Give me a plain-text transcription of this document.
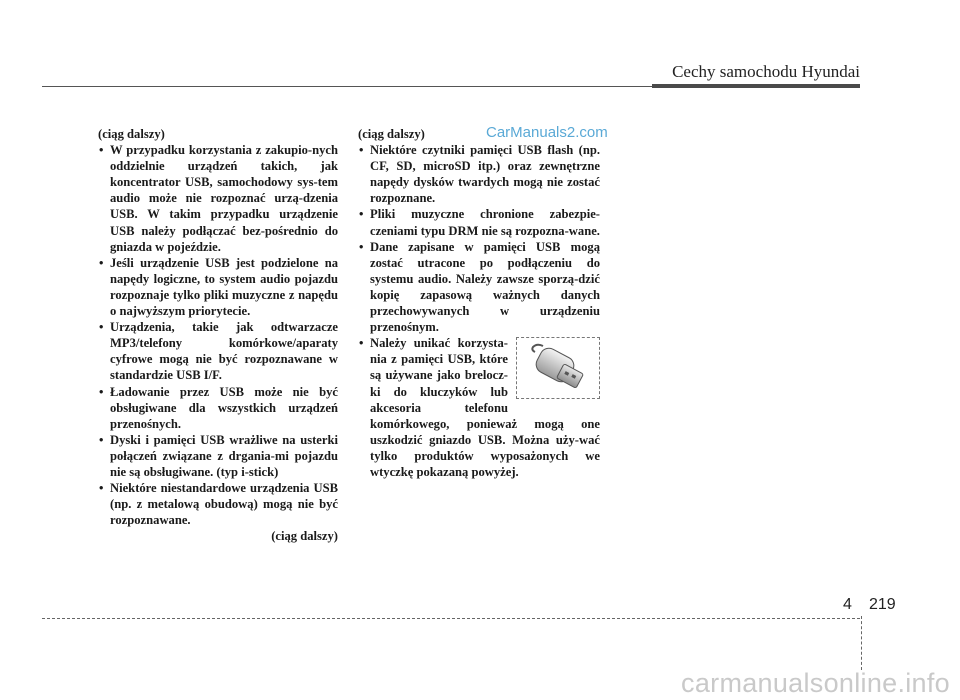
Cechy samochodu Hyundai
CarManuals2.com
(ciąg dalszy)
• W przypadku korzystania z zakupio-nych oddzielnie urządzeń takich, jak koncentrator USB, samochodowy sys-tem audio może nie rozpoznać urzą-dzenia USB. W takim przypadku urządzenie USB należy podłączać bez-pośrednio do gniazda w pojeździe.
• Jeśli urządzenie USB jest podzielone na napędy logiczne, to system audio pojazdu rozpoznaje tylko pliki muzyczne z napędu o najwyższym priorytecie.
• Urządzenia, takie jak odtwarzacze MP3/telefony komórkowe/aparaty cyfrowe mogą nie być rozpoznawane w standardzie USB I/F.
• Ładowanie przez USB może nie być obsługiwane dla wszystkich urządzeń przenośnych.
• Dyski i pamięci USB wrażliwe na usterki połączeń związane z drgania-mi pojazdu nie są obsługiwane. (typ i-stick)
• Niektóre niestandardowe urządzenia USB (np. z metalową obudową) mogą nie być rozpoznawane.
(ciąg dalszy)
(ciąg dalszy)
• Niektóre czytniki pamięci USB flash (np. CF, SD, microSD itp.) oraz zewnętrzne napędy dysków twardych mogą nie zostać rozpoznane.
• Pliki muzyczne chronione zabezpie-czeniami typu DRM nie są rozpozna-wane.
• Dane zapisane w pamięci USB mogą zostać utracone po podłączeniu do systemu audio. Należy zawsze sporzą-dzić kopię zapasową ważnych danych przechowywanych w urządzeniu przenośnym.
• Należy unikać korzysta-nia z pamięci USB, które są używane jako brelocz-ki do kluczyków lub akcesoria telefonu komórkowego, ponieważ mogą one uszkodzić gniazdo USB. Można uży-wać tylko produktów wyposażonych we wtyczkę pokazaną powyżej.
4 219
carmanualsonline.info
